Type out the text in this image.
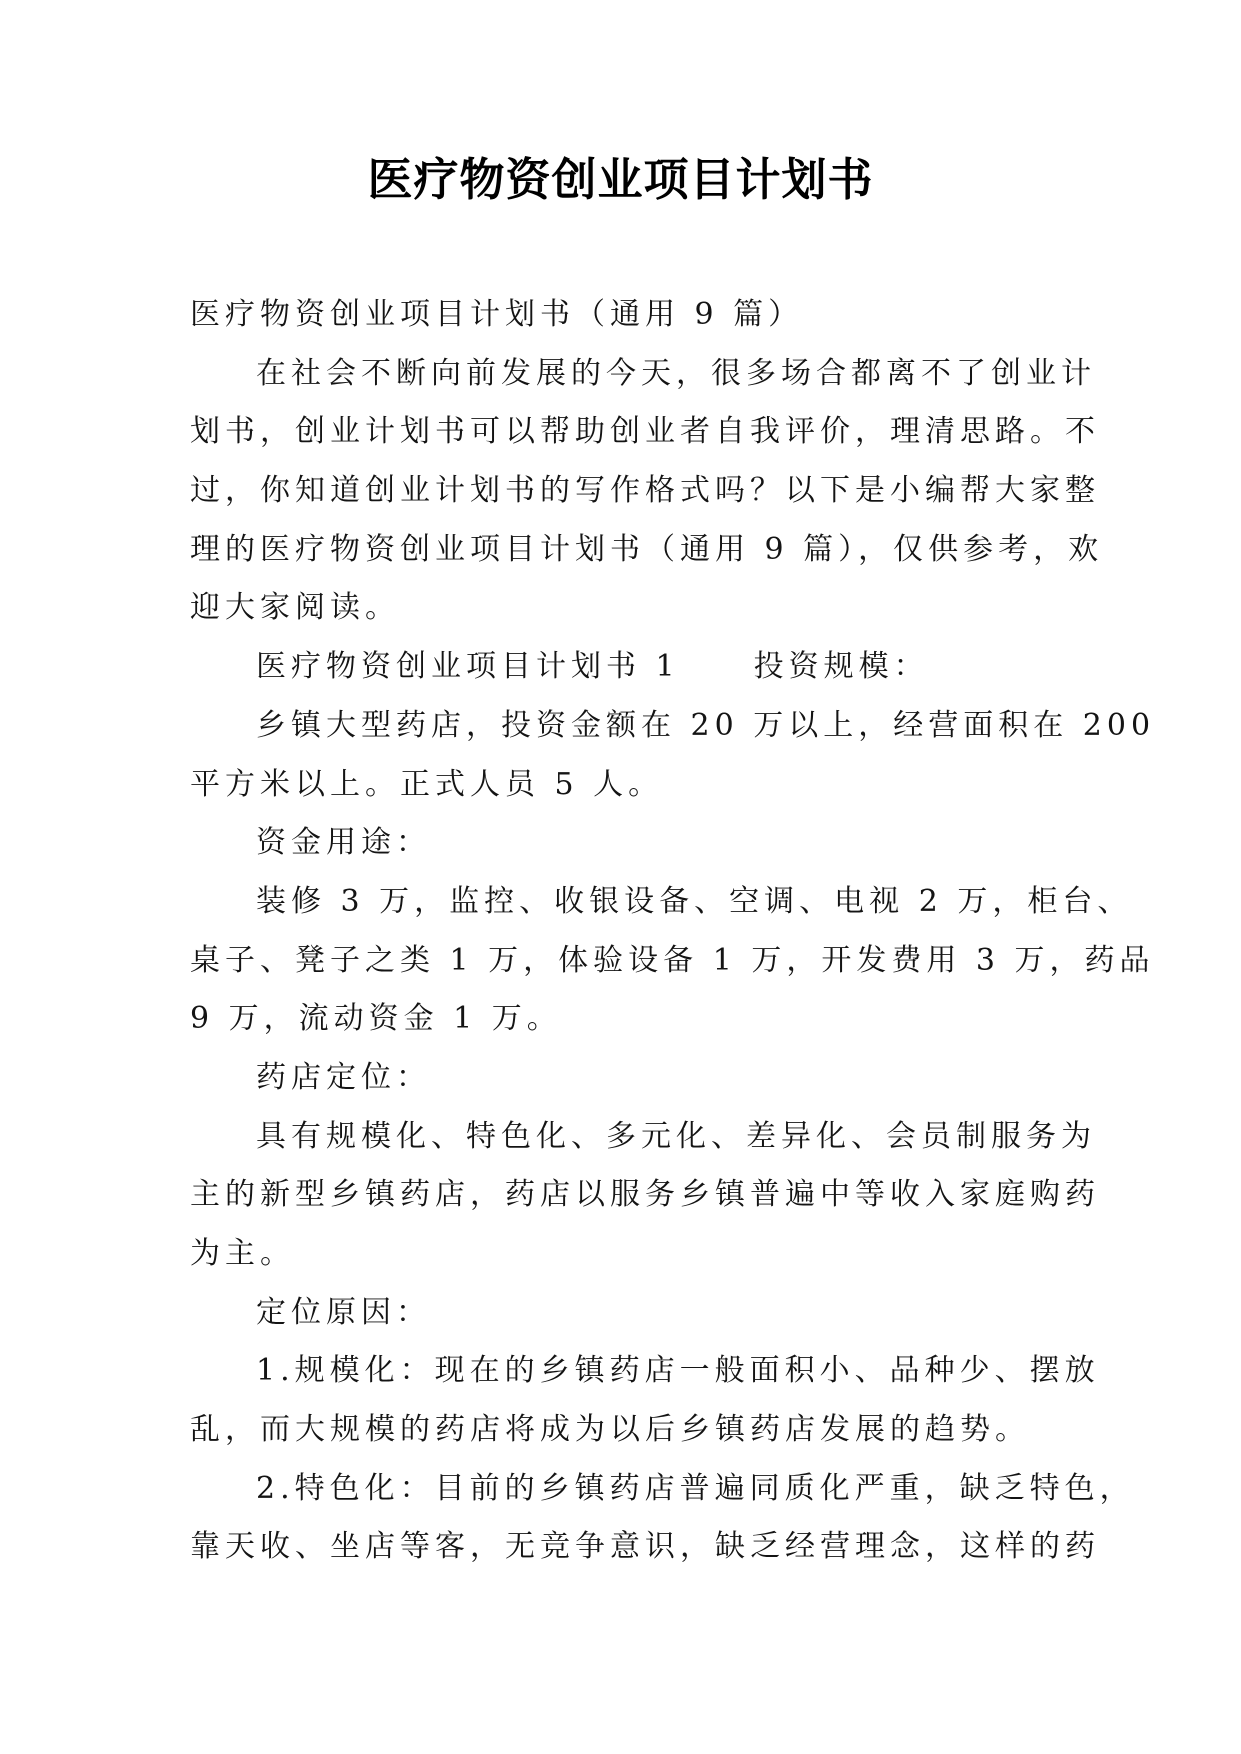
医疗物资创业项目计划书
医疗物资创业项目计划书（通用 9 篇）
在社会不断向前发展的今天，很多场合都离不了创业计
划书，创业计划书可以帮助创业者自我评价，理清思路。不
过，你知道创业计划书的写作格式吗？以下是小编帮大家整
理的医疗物资创业项目计划书（通用 9 篇），仅供参考，欢
迎大家阅读。
医疗物资创业项目计划书 1 投资规模：
乡镇大型药店，投资金额在 20 万以上，经营面积在 200
平方米以上。正式人员 5 人。
资金用途：
装修 3 万，监控、收银设备、空调、电视 2 万，柜台、
桌子、凳子之类 1 万，体验设备 1 万，开发费用 3 万，药品
9 万，流动资金 1 万。
药店定位：
具有规模化、特色化、多元化、差异化、会员制服务为
主的新型乡镇药店，药店以服务乡镇普遍中等收入家庭购药
为主。
定位原因：
1.规模化：现在的乡镇药店一般面积小、品种少、摆放
乱，而大规模的药店将成为以后乡镇药店发展的趋势。
2.特色化：目前的乡镇药店普遍同质化严重，缺乏特色，
靠天收、坐店等客，无竞争意识，缺乏经营理念，这样的药
